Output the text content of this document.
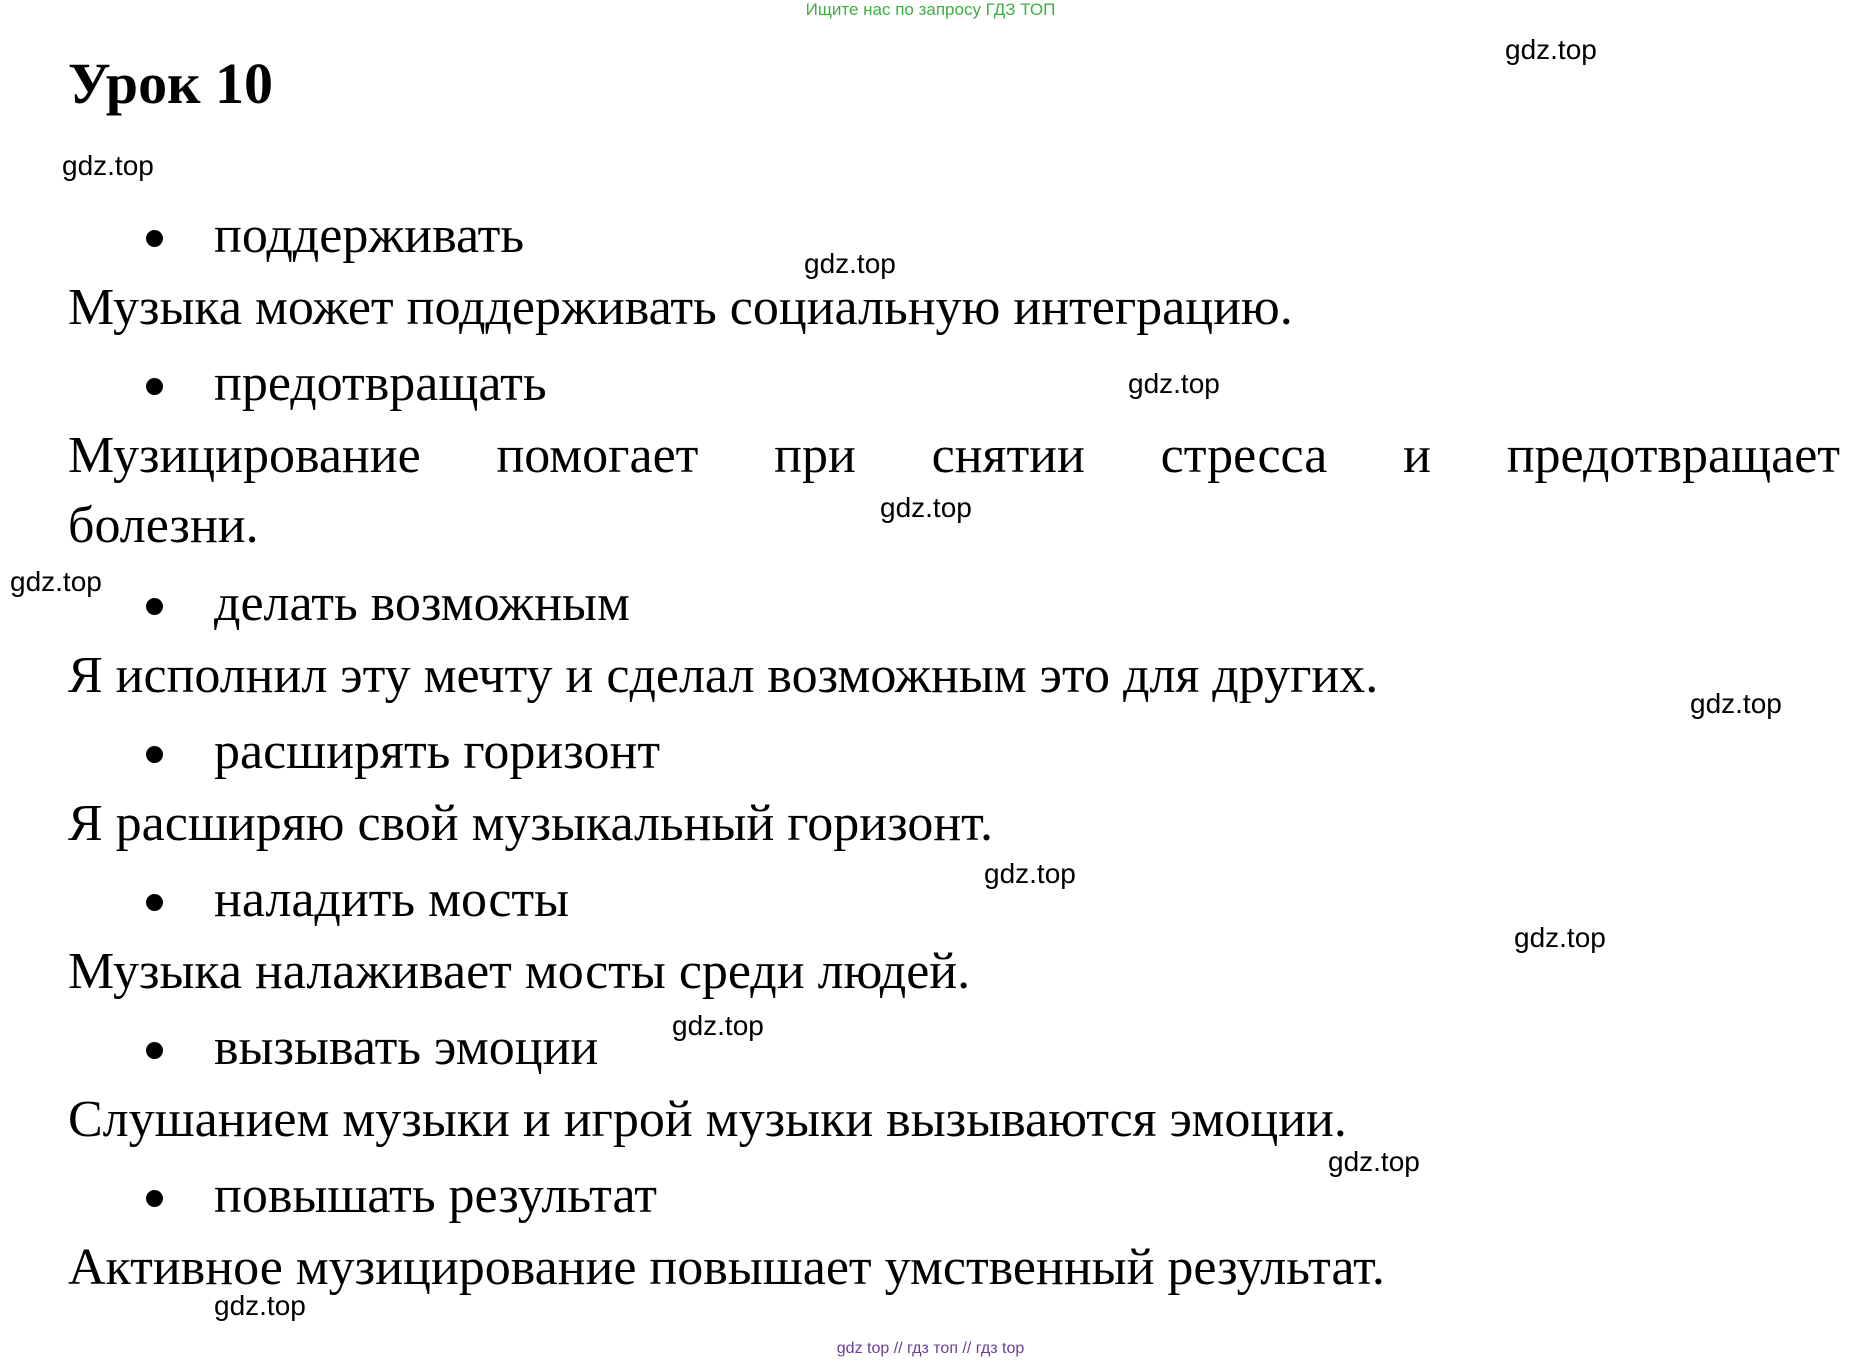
Ищите нас по запросу ГДЗ ТОП
Урок 10
поддерживать
Музыка может поддерживать социальную интеграцию.
предотвращать
Музицирование помогает при снятии стресса и предотвращает
болезни.
делать возможным
Я исполнил эту мечту и сделал возможным это для других.
расширять горизонт
Я расширяю свой музыкальный горизонт.
наладить мосты
Музыка налаживает мосты среди людей.
вызывать эмоции
Слушанием музыки и игрой музыки вызываются эмоции.
повышать результат
Активное музицирование повышает умственный результат.
gdz.top
gdz.top
gdz.top
gdz.top
gdz.top
gdz.top
gdz.top
gdz.top
gdz.top
gdz.top
gdz.top
gdz.top
gdz top // гдз топ // гдз top
